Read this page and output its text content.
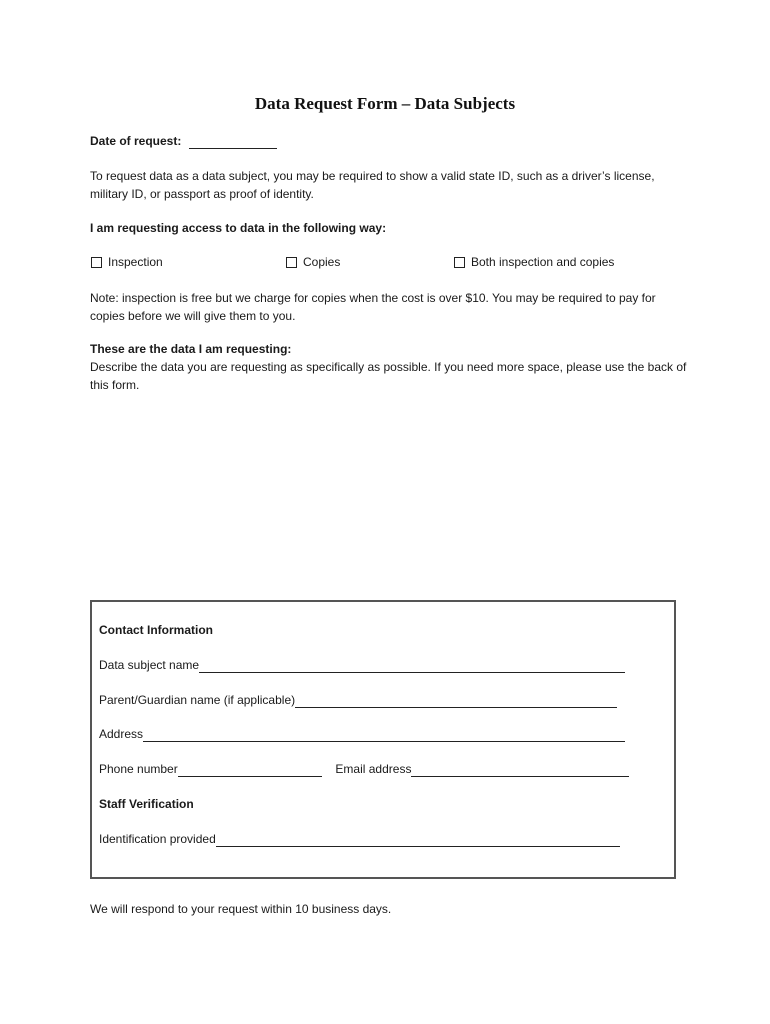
Data Request Form – Data Subjects
Date of request:
To request data as a data subject, you may be required to show a valid state ID, such as a driver’s license, military ID, or passport as proof of identity.
I am requesting access to data in the following way:
Inspection	Copies	Both inspection and copies
Note: inspection is free but we charge for copies when the cost is over $10. You may be required to pay for copies before we will give them to you.
These are the data I am requesting:
Describe the data you are requesting as specifically as possible. If you need more space, please use the back of this form.
Contact Information
Data subject name
Parent/Guardian name (if applicable)
Address
Phone number	Email address
Staff Verification
Identification provided
We will respond to your request within 10 business days.
